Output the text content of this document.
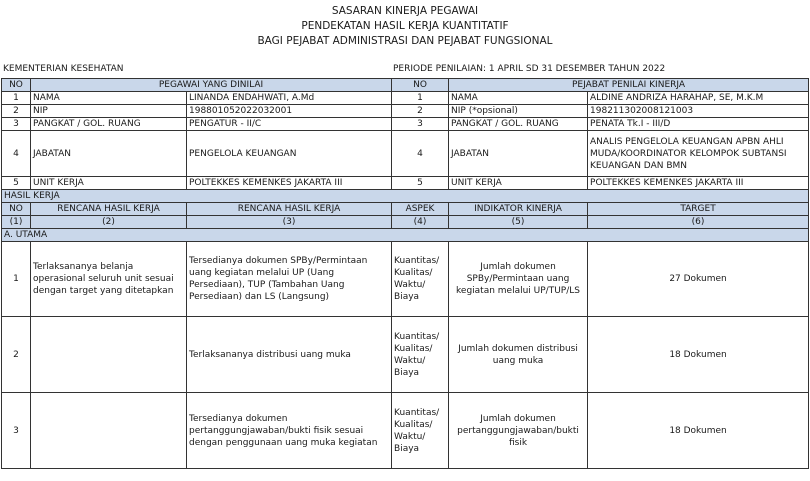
SASARAN KINERJA PEGAWAI
PENDEKATAN HASIL KERJA KUANTITATIF
BAGI PEJABAT ADMINISTRASI DAN PEJABAT FUNGSIONAL
KEMENTERIAN KESEHATAN	PERIODE PENILAIAN: 1 APRIL SD 31 DESEMBER TAHUN 2022
NO	PEGAWAI YANG DINILAI		NO	PEJABAT PENILAI KINERJA	
1	NAMA	LINANDA ENDAHWATI, A.Md	1	NAMA	ALDINE ANDRIZA HARAHAP, SE, M.K.M
2	NIP	198801052022032001	2	NIP (*opsional)	198211302008121003
3	PANGKAT / GOL. RUANG	PENGATUR - II/C	3	PANGKAT / GOL. RUANG	PENATA Tk.I - III/D
4	JABATAN	PENGELOLA KEUANGAN	4	JABATAN	ANALIS PENGELOLA KEUANGAN APBN AHLI MUDA/KOORDINATOR KELOMPOK SUBTANSI KEUANGAN DAN BMN
5	UNIT KERJA	POLTEKKES KEMENKES JAKARTA III	5	UNIT KERJA	POLTEKKES KEMENKES JAKARTA III
HASIL KERJA					
NO	RENCANA HASIL KERJA	RENCANA HASIL KERJA	ASPEK	INDIKATOR KINERJA	TARGET
(1)	(2)	(3)	(4)	(5)	(6)
A. UTAMA					
1	Terlaksananya belanja operasional seluruh unit sesuai dengan target yang ditetapkan	Tersedianya dokumen SPBy/Permintaan uang kegiatan melalui UP (Uang Persediaan), TUP (Tambahan Uang Persediaan) dan LS (Langsung)	Kuantitas/ Kualitas/ Waktu/ Biaya	Jumlah dokumen SPBy/Permintaan uang kegiatan melalui UP/TUP/LS	27 Dokumen
2		Terlaksananya distribusi uang muka	Kuantitas/ Kualitas/ Waktu/ Biaya	Jumlah dokumen distribusi uang muka	18 Dokumen
3		Tersedianya dokumen pertanggungjawaban/bukti fisik sesuai dengan penggunaan uang muka kegiatan	Kuantitas/ Kualitas/ Waktu/ Biaya	Jumlah dokumen pertanggungjawaban/bukti fisik	18 Dokumen
